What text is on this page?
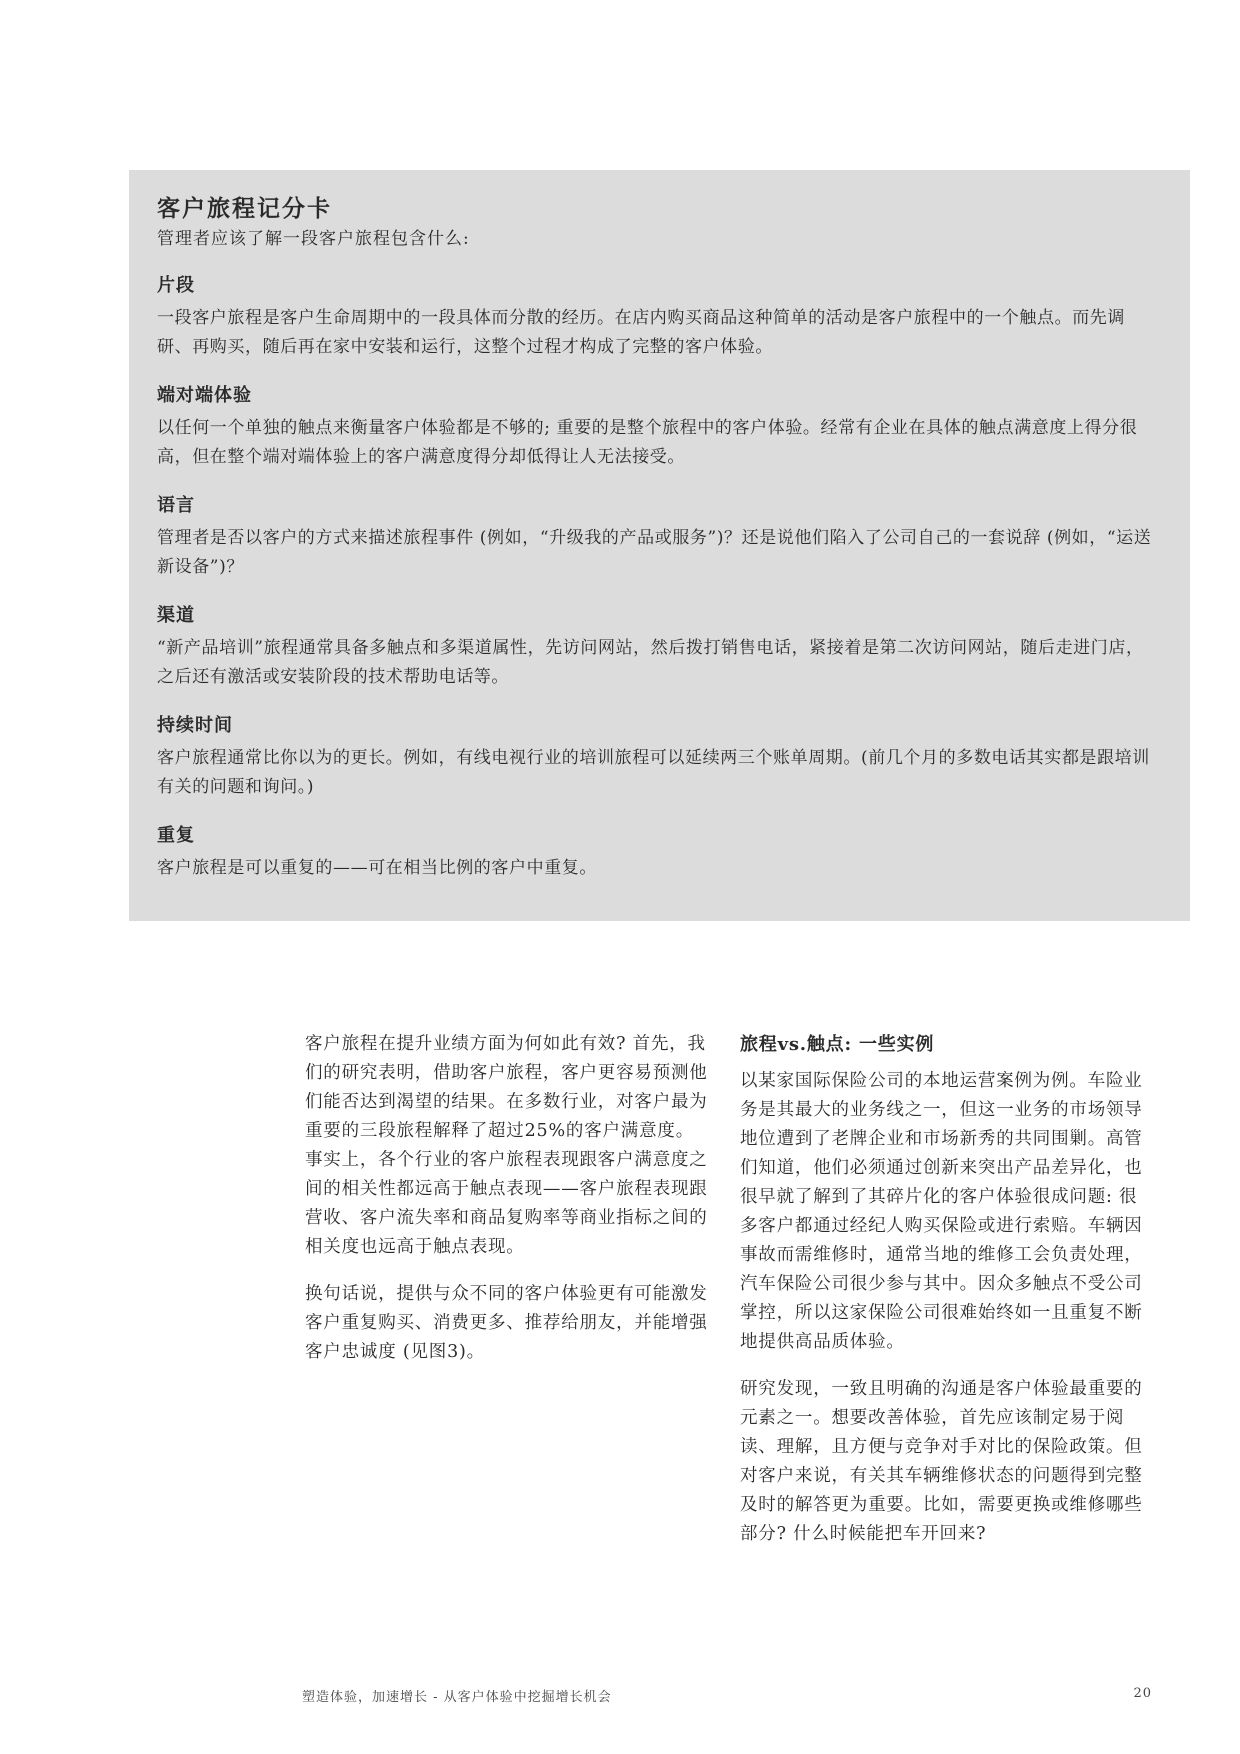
客户旅程记分卡

管理者应该了解一段客户旅程包含什么:

片段

一段客户旅程是客户生命周期中的一段具体而分散的经历。在店内购买商品这种简单的活动是客户旅程中的一个触点。而先调研、再购买，随后再在家中安装和运行，这整个过程才构成了完整的客户体验。

端对端体验

以任何一个单独的触点来衡量客户体验都是不够的; 重要的是整个旅程中的客户体验。经常有企业在具体的触点满意度上得分很高，但在整个端对端体验上的客户满意度得分却低得让人无法接受。

语言

管理者是否以客户的方式来描述旅程事件 (例如，“升级我的产品或服务”)？还是说他们陷入了公司自己的一套说辞 (例如，“运送新设备”)？

渠道

“新产品培训”旅程通常具备多触点和多渠道属性，先访问网站，然后拨打销售电话，紧接着是第二次访问网站，随后走进门店，之后还有激活或安装阶段的技术帮助电话等。

持续时间

客户旅程通常比你以为的更长。例如，有线电视行业的培训旅程可以延续两三个账单周期。(前几个月的多数电话其实都是跟培训有关的问题和询问。)

重复

客户旅程是可以重复的——可在相当比例的客户中重复。

客户旅程在提升业绩方面为何如此有效? 首先，我们的研究表明，借助客户旅程，客户更容易预测他们能否达到渴望的结果。在多数行业，对客户最为重要的三段旅程解释了超过25%的客户满意度。事实上，各个行业的客户旅程表现跟客户满意度之间的相关性都远高于触点表现——客户旅程表现跟营收、客户流失率和商品复购率等商业指标之间的相关度也远高于触点表现。

换句话说，提供与众不同的客户体验更有可能激发客户重复购买、消费更多、推荐给朋友，并能增强客户忠诚度 (见图3)。

旅程vs.触点: 一些实例

以某家国际保险公司的本地运营案例为例。车险业务是其最大的业务线之一，但这一业务的市场领导地位遭到了老牌企业和市场新秀的共同围剿。高管们知道，他们必须通过创新来突出产品差异化，也很早就了解到了其碎片化的客户体验很成问题: 很多客户都通过经纪人购买保险或进行索赔。车辆因事故而需维修时，通常当地的维修工会负责处理，汽车保险公司很少参与其中。因众多触点不受公司掌控，所以这家保险公司很难始终如一且重复不断地提供高品质体验。

研究发现，一致且明确的沟通是客户体验最重要的元素之一。想要改善体验，首先应该制定易于阅读、理解，且方便与竞争对手对比的保险政策。但对客户来说，有关其车辆维修状态的问题得到完整及时的解答更为重要。比如，需要更换或维修哪些部分? 什么时候能把车开回来?

塑造体验，加速增长 - 从客户体验中挖掘增长机会	20
